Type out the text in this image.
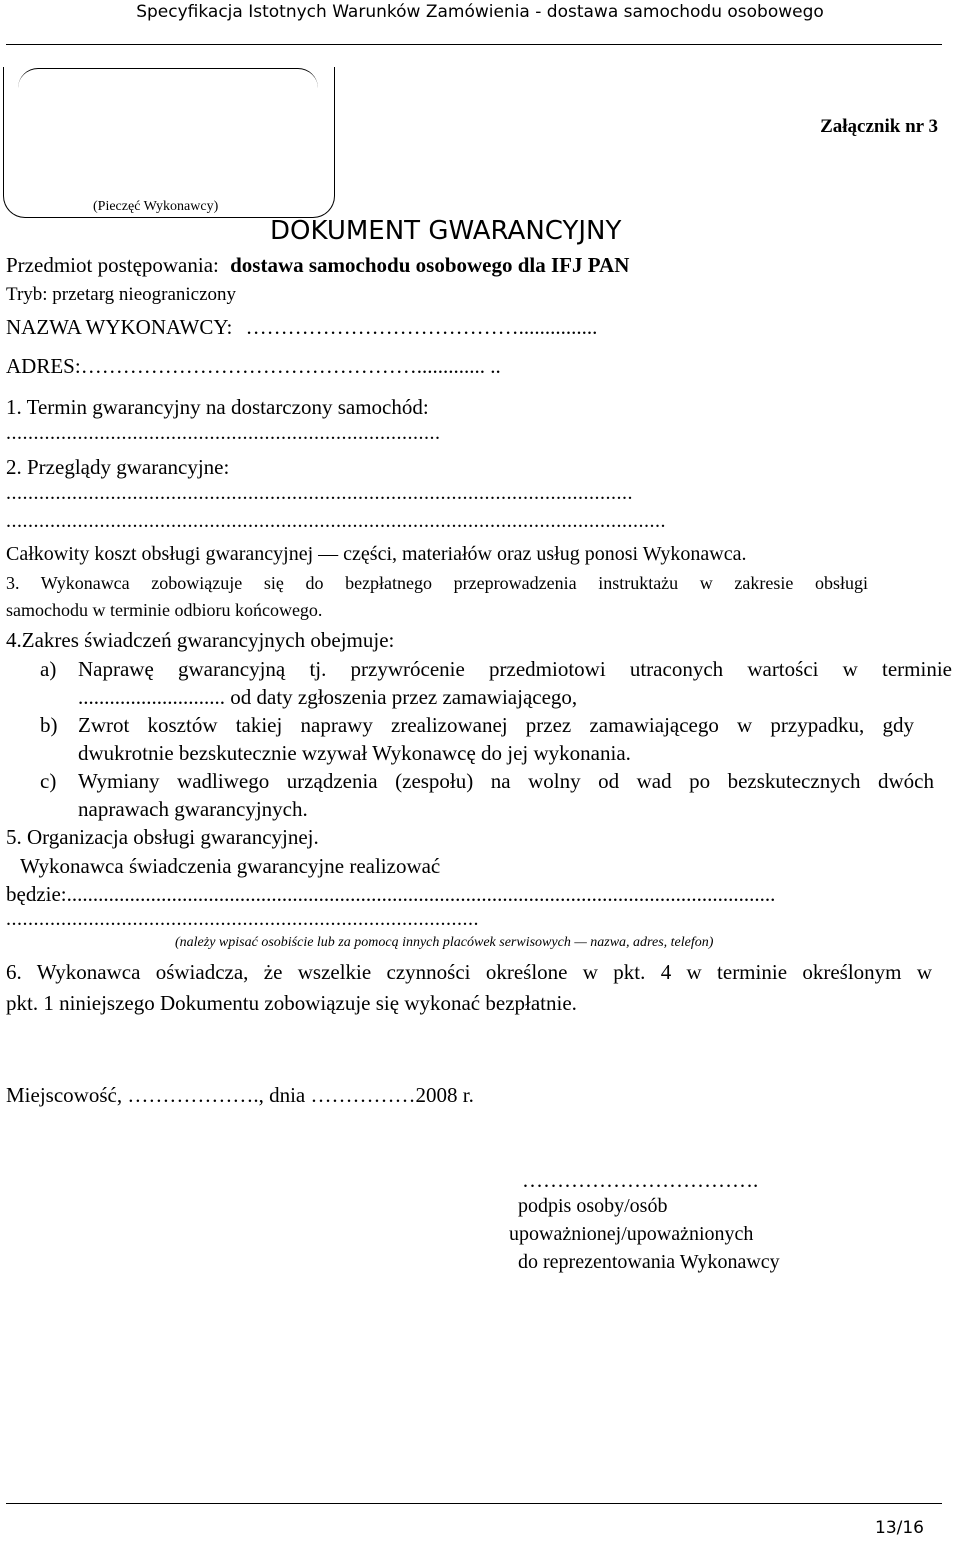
Specyfikacja Istotnych Warunków Zamówienia - dostawa samochodu osobowego
(Pieczęć Wykonawcy)
Załącznik nr 3
DOKUMENT GWARANCYJNY
Przedmiot postępowania: dostawa samochodu osobowego dla IFJ PAN
Tryb: przetarg nieograniczony
NAZWA WYKONAWCY: …………………………………...............
ADRES:…………………………………………............. ..
1. Termin gwarancyjny na dostarczony samochód:
...............................................................................
2. Przeglądy gwarancyjne:
..................................................................................................................
........................................................................................................................
Całkowity koszt obsługi gwarancyjnej — części, materiałów oraz usług ponosi Wykonawca.
3. Wykonawca zobowiązuje się do bezpłatnego przeprowadzenia instruktażu w zakresie obsługi
samochodu w terminie odbioru końcowego.
4.Zakres świadczeń gwarancyjnych obejmuje:
a) Naprawę gwarancyjną tj. przywrócenie przedmiotowi utraconych wartości w terminie
............................ od daty zgłoszenia przez zamawiającego,
b) Zwrot kosztów takiej naprawy zrealizowanej przez zamawiającego w przypadku, gdy
dwukrotnie bezskutecznie wzywał Wykonawcę do jej wykonania.
c) Wymiany wadliwego urządzenia (zespołu) na wolny od wad po bezskutecznych dwóch
naprawach gwarancyjnych.
5. Organizacja obsługi gwarancyjnej.
Wykonawca świadczenia gwarancyjne realizować
będzie:.......................................................................................................................................
......................................................................................
(należy wpisać osobiście lub za pomocą innych placówek serwisowych — nazwa, adres, telefon)
6. Wykonawca oświadcza, że wszelkie czynności określone w pkt. 4 w terminie określonym w
pkt. 1 niniejszego Dokumentu zobowiązuje się wykonać bezpłatnie.
Miejscowość, ………………., dnia ……………2008 r.
…………………………….
podpis osoby/osób
upoważnionej/upoważnionych
do reprezentowania Wykonawcy
13/16
